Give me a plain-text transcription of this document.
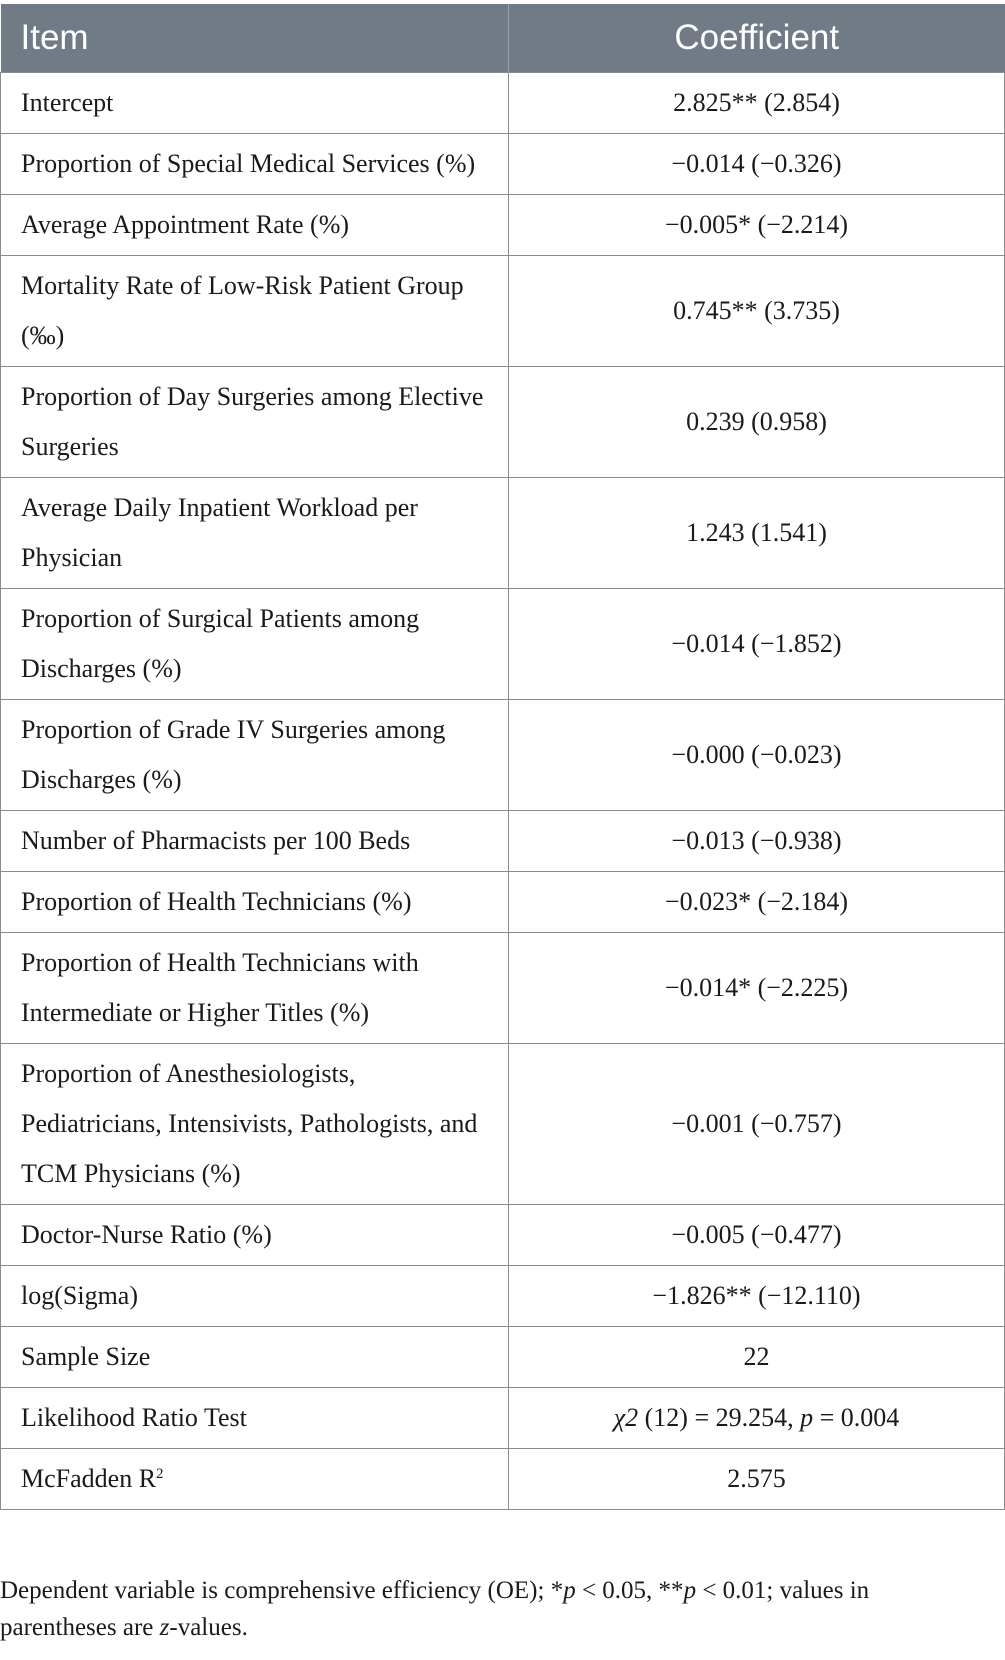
Item	Coefficient
Intercept	2.825** (2.854)
Proportion of Special Medical Services (%)	−0.014 (−0.326)
Average Appointment Rate (%)	−0.005* (−2.214)
Mortality Rate of Low-Risk Patient Group (‰)	0.745** (3.735)
Proportion of Day Surgeries among Elective Surgeries	0.239 (0.958)
Average Daily Inpatient Workload per Physician	1.243 (1.541)
Proportion of Surgical Patients among Discharges (%)	−0.014 (−1.852)
Proportion of Grade IV Surgeries among Discharges (%)	−0.000 (−0.023)
Number of Pharmacists per 100 Beds	−0.013 (−0.938)
Proportion of Health Technicians (%)	−0.023* (−2.184)
Proportion of Health Technicians with Intermediate or Higher Titles (%)	−0.014* (−2.225)
Proportion of Anesthesiologists, Pediatricians, Intensivists, Pathologists, and TCM Physicians (%)	−0.001 (−0.757)
Doctor-Nurse Ratio (%)	−0.005 (−0.477)
log(Sigma)	−1.826** (−12.110)
Sample Size	22
Likelihood Ratio Test	χ2 (12) = 29.254, p = 0.004
McFadden $R^2$	2.575
Dependent variable is comprehensive efficiency (OE); *p < 0.05, **p < 0.01; values in parentheses are z-values.
